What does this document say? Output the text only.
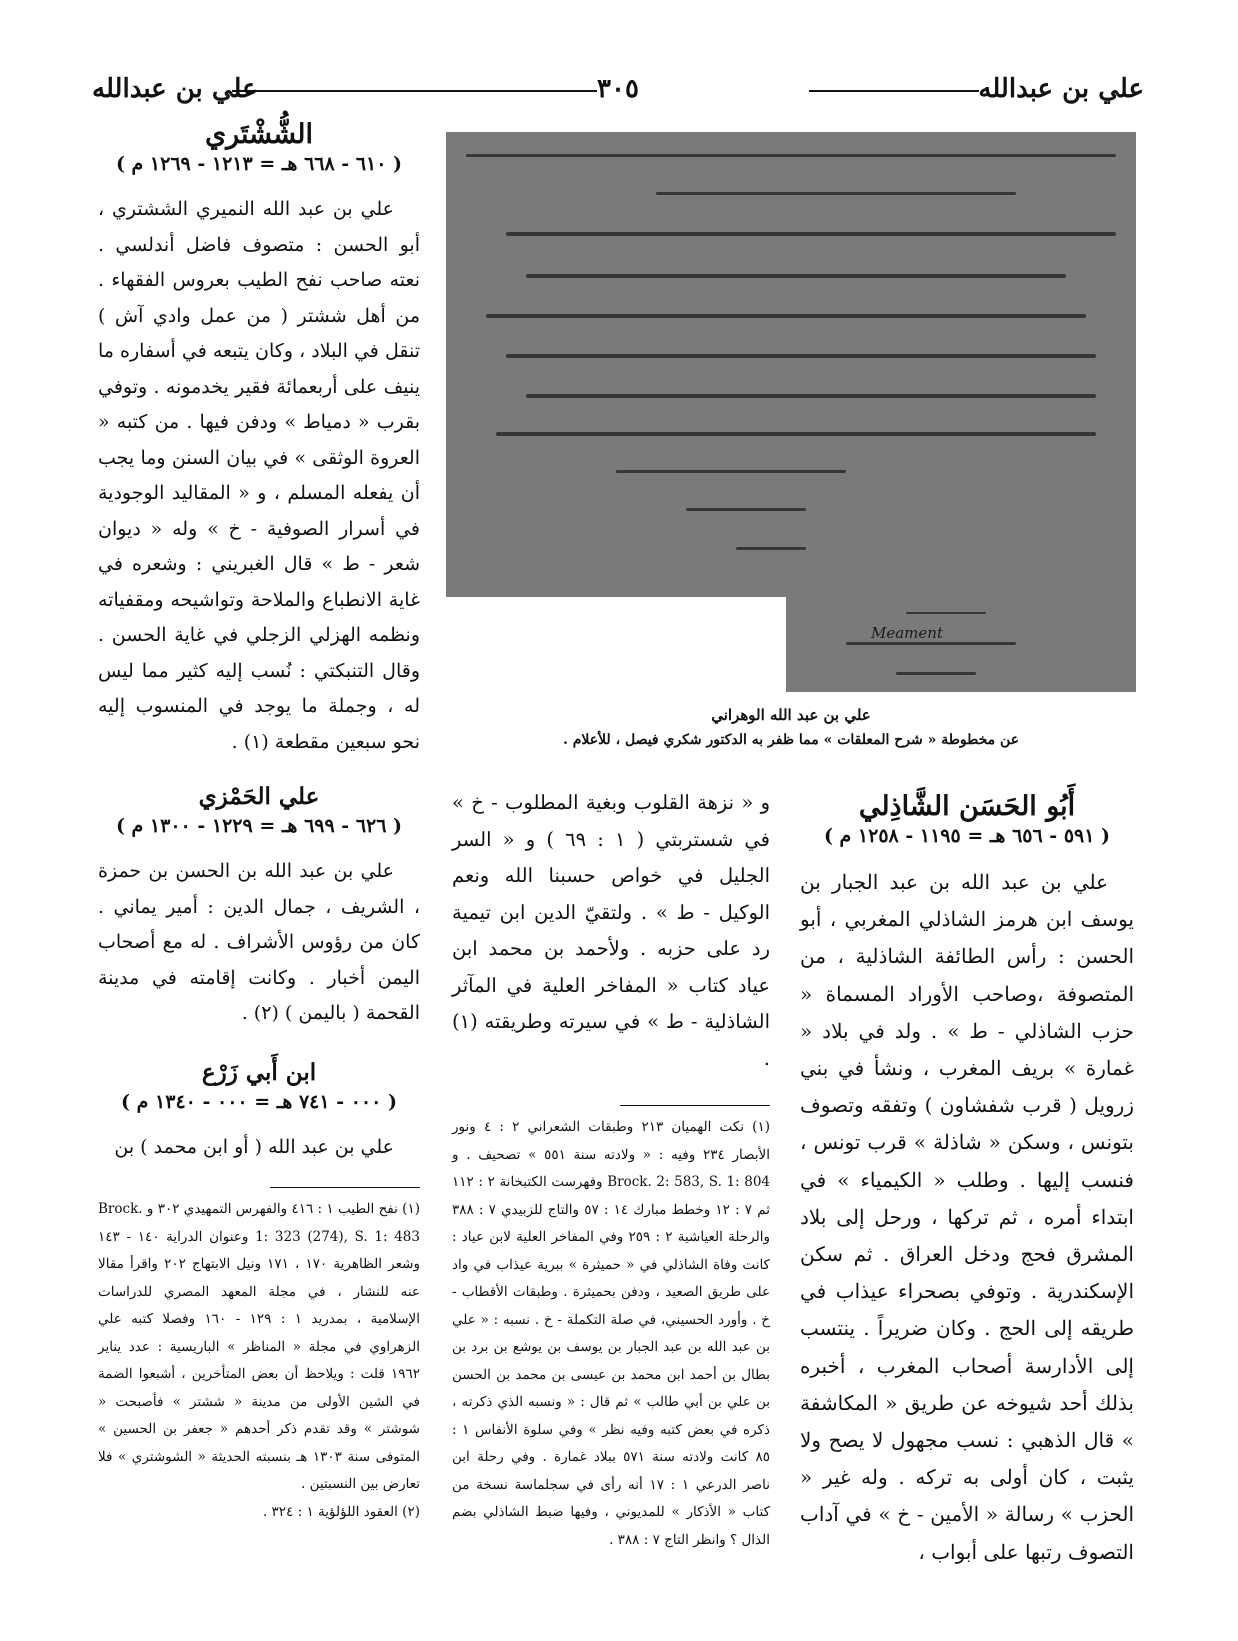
علي بن عبدالله
٣٠٥
علي بن عبدالله
Meament
علي بن عبد الله الوهراني
عن مخطوطة « شرح المعلقات » مما ظفر به الدكتور شكري فيصل ، للأعلام .
الشُّشْتَري
( ٦١٠ - ٦٦٨ هـ = ١٢١٣ - ١٢٦٩ م )

علي بن عبد الله النميري الششتري ، أبو الحسن : متصوف فاضل أندلسي . نعته صاحب نفح الطيب بعروس الفقهاء . من أهل ششتر ( من عمل وادي آش ) تنقل في البلاد ، وكان يتبعه في أسفاره ما ينيف على أربعمائة فقير يخدمونه . وتوفي بقرب « دمياط » ودفن فيها . من كتبه « العروة الوثقى » في بيان السنن وما يجب أن يفعله المسلم ، و « المقاليد الوجودية في أسرار الصوفية - خ » وله « ديوان شعر - ط » قال الغبريني : وشعره في غاية الانطباع والملاحة وتواشيحه ومقفياته ونظمه الهزلي الزجلي في غاية الحسن . وقال التنبكتي : نُسب إليه كثير مما ليس له ، وجملة ما يوجد في المنسوب إليه نحو سبعين مقطعة (١) .

أَبُو الحَسَن الشَّاذِلي
( ٥٩١ - ٦٥٦ هـ = ١١٩٥ - ١٢٥٨ م )

علي بن عبد الله بن عبد الجبار بن يوسف ابن هرمز الشاذلي المغربي ، أبو الحسن : رأس الطائفة الشاذلية ، من المتصوفة ،وصاحب الأوراد المسماة « حزب الشاذلي - ط » . ولد في بلاد « غمارة » بريف المغرب ، ونشأ في بني زرويل ( قرب شفشاون ) وتفقه وتصوف بتونس ، وسكن « شاذلة » قرب تونس ، فنسب إليها . وطلب « الكيمياء » في ابتداء أمره ، ثم تركها ، ورحل إلى بلاد المشرق فحج ودخل العراق . ثم سكن الإسكندرية . وتوفي بصحراء عيذاب في طريقه إلى الحج . وكان ضريراً . ينتسب إلى الأدارسة أصحاب المغرب ، أخبره بذلك أحد شيوخه عن طريق « المكاشفة » قال الذهبي : نسب مجهول لا يصح ولا يثبت ، كان أولى به تركه . وله غير « الحزب » رسالة « الأمين - خ » في آداب التصوف رتبها على أبواب ،

و « نزهة القلوب وبغية المطلوب - خ » في شستربتي ( ١ : ٦٩ ) و « السر الجليل في خواص حسبنا الله ونعم الوكيل - ط » . ولتقيّ الدين ابن تيمية رد على حزبه . ولأحمد بن محمد ابن عياد كتاب « المفاخر العلية في المآثر الشاذلية - ط » في سيرته وطريقته (١) .

(١) نكت الهميان ٢١٣ وطبقات الشعراني ٢ : ٤ ونور الأبصار ٢٣٤ وفيه : « ولادته سنة ٥٥١ » تصحيف . و Brock. 2: 583, S. 1: 804 وفهرست الكتبخانة ٢ : ١١٢ ثم ٧ : ١٢ وخطط مبارك ١٤ : ٥٧ والتاج للزبيدي ٧ : ٣٨٨ والرحلة العياشية ٢ : ٢٥٩ وفي المفاخر العلية لابن عياد : كانت وفاة الشاذلي في « حميثرة » ببرية عيذاب في واد على طريق الصعيد ، ودفن بحميثرة . وطبقات الأقطاب - خ . وأورد الحسيني، في صلة التكملة - خ . نسبه : « علي بن عبد الله بن عبد الجبار بن يوسف بن يوشع بن برد بن بطال بن أحمد ابن محمد بن عيسى بن محمد بن الحسن بن علي بن أبي طالب » ثم قال : « ونسبه الذي ذكرته ، ذكره في بعض كتبه وفيه نظر » وفي سلوة الأنفاس ١ : ٨٥ كانت ولادته سنة ٥٧١ ببلاد غمارة . وفي رحلة ابن ناصر الدرعي ١ : ١٧ أنه رأى في سجلماسة نسخة من كتاب « الأذكار » للمديوني ، وفيها ضبط الشاذلي بضم الذال ؟ وانظر التاج ٧ : ٣٨٨ .

علي الحَمْزي
( ٦٢٦ - ٦٩٩ هـ = ١٢٢٩ - ١٣٠٠ م )

علي بن عبد الله بن الحسن بن حمزة ، الشريف ، جمال الدين : أمير يماني . كان من رؤوس الأشراف . له مع أصحاب اليمن أخبار . وكانت إقامته في مدينة القحمة ( باليمن ) (٢) .

ابن أَبي زَرْع
( ٠٠٠ - ٧٤١ هـ = ٠٠٠ - ١٣٤٠ م )

علي بن عبد الله ( أو ابن محمد ) بن

(١) نفح الطيب ١ : ٤١٦ والفهرس التمهيدي ٣٠٢ و Brock. 1: 323 (274), S. 1: 483 وعنوان الدراية ١٤٠ - ١٤٣ وشعر الظاهرية ١٧٠ ، ١٧١ ونيل الابتهاج ٢٠٢ واقرأ مقالا عنه للنشار ، في مجلة المعهد المصري للدراسات الإسلامية ، بمدريد ١ : ١٢٩ - ١٦٠ وفصلا كتبه علي الزهراوي في مجلة « المناظر » الباريسية : عدد يناير ١٩٦٢ قلت : ويلاحظ أن بعض المتأخرين ، أشبعوا الضمة في الشين الأولى من مدينة « ششتر » فأصبحت « شوشتر » وقد تقدم ذكر أحدهم « جعفر بن الحسين » المتوفى سنة ١٣٠٣ هـ بنسبته الحديثة « الشوشتري » فلا تعارض بين النسبتين .

(٢) العقود اللؤلؤية ١ : ٣٢٤ .
